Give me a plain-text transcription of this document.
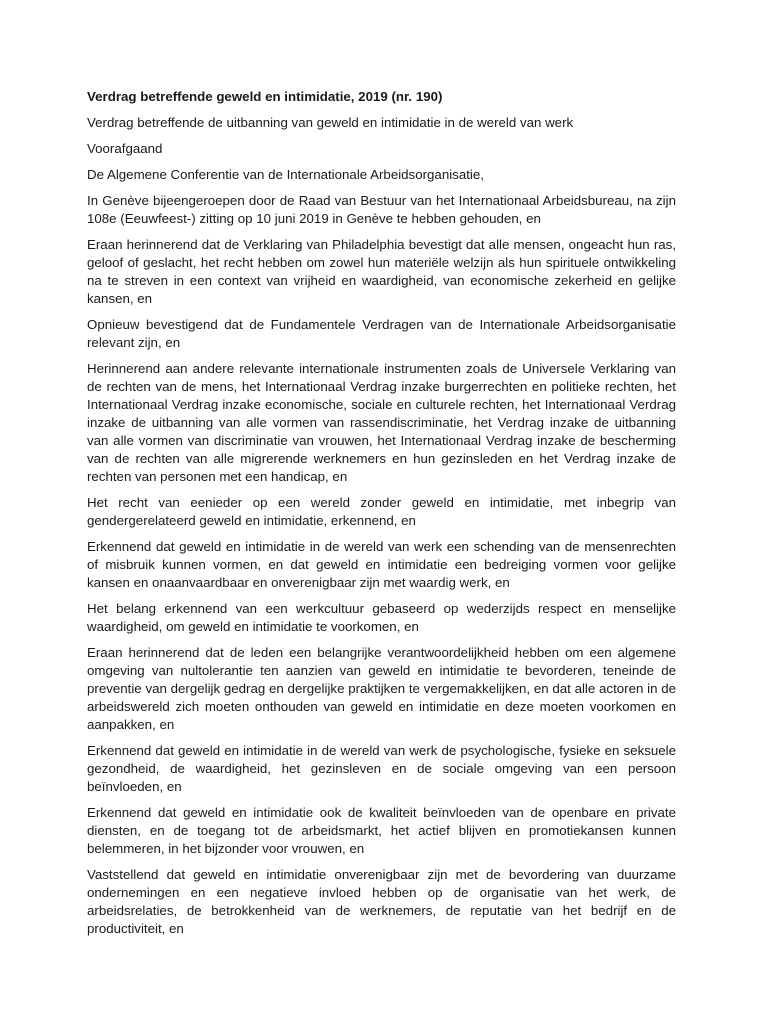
Verdrag betreffende geweld en intimidatie, 2019 (nr. 190)

Verdrag betreffende de uitbanning van geweld en intimidatie in de wereld van werk

Voorafgaand

De Algemene Conferentie van de Internationale Arbeidsorganisatie,

In Genève bijeengeroepen door de Raad van Bestuur van het Internationaal Arbeidsbureau, na zijn 108e (Eeuwfeest-) zitting op 10 juni 2019 in Genève te hebben gehouden, en

Eraan herinnerend dat de Verklaring van Philadelphia bevestigt dat alle mensen, ongeacht hun ras, geloof of geslacht, het recht hebben om zowel hun materiële welzijn als hun spirituele ontwikkeling na te streven in een context van vrijheid en waardigheid, van economische zekerheid en gelijke kansen, en

Opnieuw bevestigend dat de Fundamentele Verdragen van de Internationale Arbeidsorganisatie relevant zijn, en

Herinnerend aan andere relevante internationale instrumenten zoals de Universele Verklaring van de rechten van de mens, het Internationaal Verdrag inzake burgerrechten en politieke rechten, het Internationaal Verdrag inzake economische, sociale en culturele rechten, het Internationaal Verdrag inzake de uitbanning van alle vormen van rassendiscriminatie, het Verdrag inzake de uitbanning van alle vormen van discriminatie van vrouwen, het Internationaal Verdrag inzake de bescherming van de rechten van alle migrerende werknemers en hun gezinsleden en het Verdrag inzake de rechten van personen met een handicap, en

Het recht van eenieder op een wereld zonder geweld en intimidatie, met inbegrip van gendergerelateerd geweld en intimidatie, erkennend, en

Erkennend dat geweld en intimidatie in de wereld van werk een schending van de mensenrechten of misbruik kunnen vormen, en dat geweld en intimidatie een bedreiging vormen voor gelijke kansen en onaanvaardbaar en onverenigbaar zijn met waardig werk, en

Het belang erkennend van een werkcultuur gebaseerd op wederzijds respect en menselijke waardigheid, om geweld en intimidatie te voorkomen, en

Eraan herinnerend dat de leden een belangrijke verantwoordelijkheid hebben om een algemene omgeving van nultolerantie ten aanzien van geweld en intimidatie te bevorderen, teneinde de preventie van dergelijk gedrag en dergelijke praktijken te vergemakkelijken, en dat alle actoren in de arbeidswereld zich moeten onthouden van geweld en intimidatie en deze moeten voorkomen en aanpakken, en

Erkennend dat geweld en intimidatie in de wereld van werk de psychologische, fysieke en seksuele gezondheid, de waardigheid, het gezinsleven en de sociale omgeving van een persoon beïnvloeden, en

Erkennend dat geweld en intimidatie ook de kwaliteit beïnvloeden van de openbare en private diensten, en de toegang tot de arbeidsmarkt, het actief blijven en promotiekansen kunnen belemmeren, in het bijzonder voor vrouwen, en

Vaststellend dat geweld en intimidatie onverenigbaar zijn met de bevordering van duurzame ondernemingen en een negatieve invloed hebben op de organisatie van het werk, de arbeidsrelaties, de betrokkenheid van de werknemers, de reputatie van het bedrijf en de productiviteit, en
